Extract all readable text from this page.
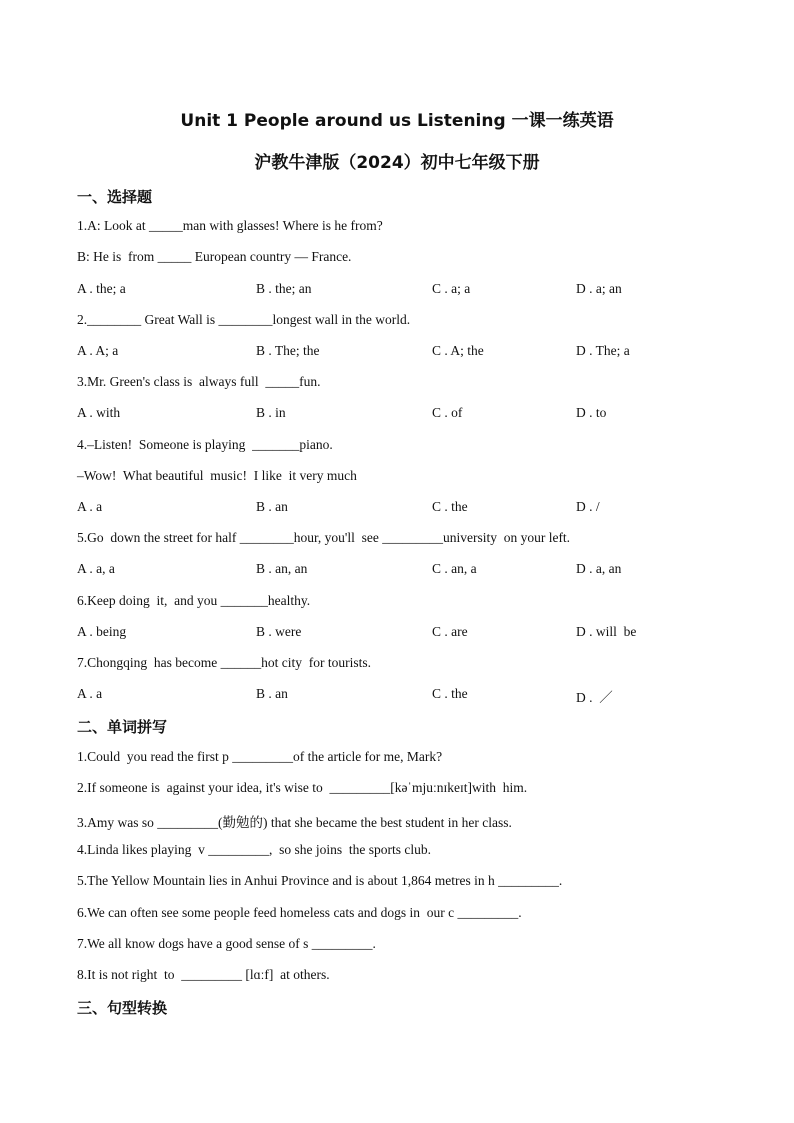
Unit 1 People around us Listening 一课一练英语
沪教牛津版（2024）初中七年级下册
一、选择题
1.A: Look at _____man with glasses! Where is he from?
B: He is  from _____ European country — France.
A . the; a	B . the; an	C . a; a	D . a; an
2.________ Great Wall is ________longest wall in the world.
A . A; a	B . The; the	C . A; the	D . The; a
3.Mr. Green's class is  always full  _____fun.
A . with	B . in	C . of	D . to
4.–Listen!  Someone is playing  _______piano.
–Wow!  What beautiful  music!  I like  it very much
A . a	B . an	C . the	D . /
5.Go  down the street for half ________hour, you'll  see _________university  on your left.
A . a, a	B . an, an	C . an, a	D . a, an
6.Keep doing  it,  and you _______healthy.
A . being	B . were	C . are	D . will  be
7.Chongqing  has become ______hot city  for tourists.
A . a	B . an	C . the	D .  ／
二、单词拼写
1.Could  you read the first p _________of the article for me, Mark?
2.If someone is  against your idea, it's wise to  _________[kəˈmjuːnɪkeɪt]with  him.
3.Amy was so _________(勤勉的) that she became the best student in her class.
4.Linda likes playing  v _________,  so she joins  the sports club.
5.The Yellow Mountain lies in Anhui Province and is about 1,864 metres in h _________.
6.We can often see some people feed homeless cats and dogs in  our c _________.
7.We all know dogs have a good sense of s _________.
8.It is not right  to  _________ [lɑːf]  at others.
三、句型转换
